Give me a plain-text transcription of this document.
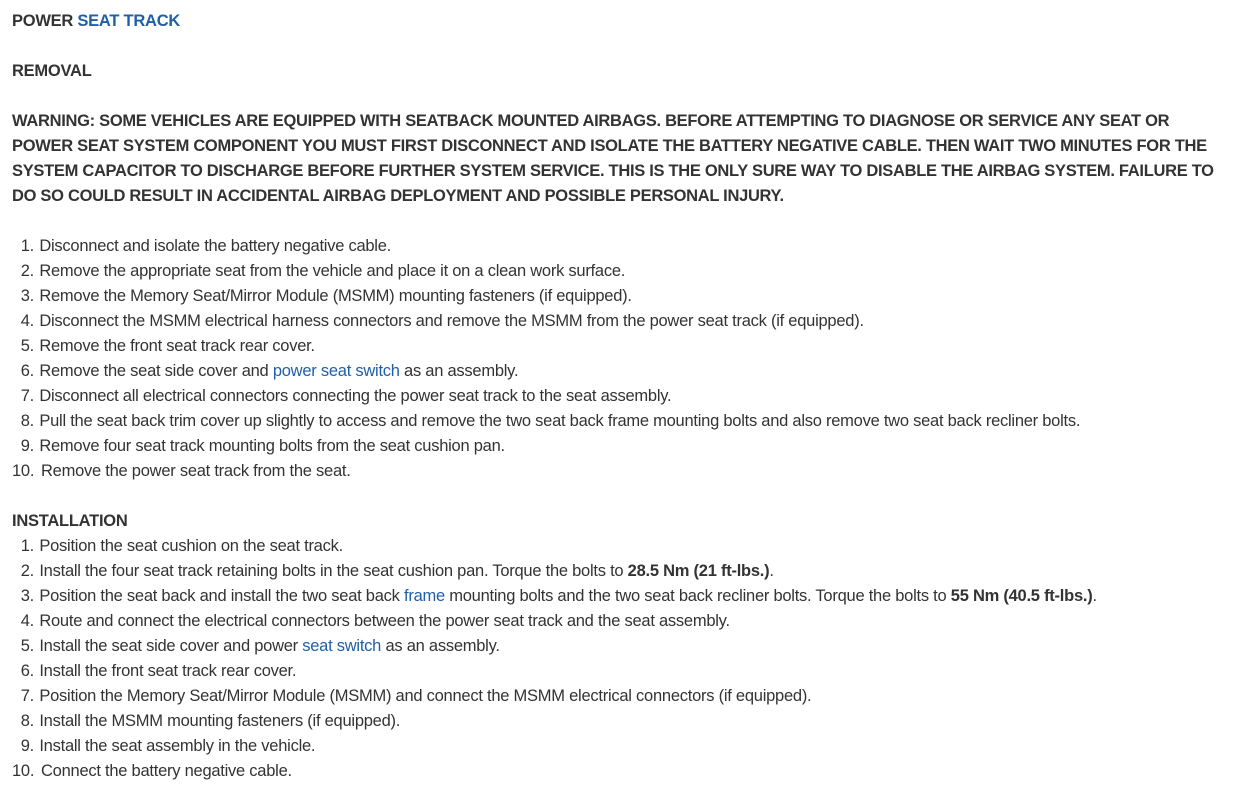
POWER SEAT TRACK
REMOVAL
WARNING: SOME VEHICLES ARE EQUIPPED WITH SEATBACK MOUNTED AIRBAGS. BEFORE ATTEMPTING TO DIAGNOSE OR SERVICE ANY SEAT OR
POWER SEAT SYSTEM COMPONENT YOU MUST FIRST DISCONNECT AND ISOLATE THE BATTERY NEGATIVE CABLE. THEN WAIT TWO MINUTES FOR THE
SYSTEM CAPACITOR TO DISCHARGE BEFORE FURTHER SYSTEM SERVICE. THIS IS THE ONLY SURE WAY TO DISABLE THE AIRBAG SYSTEM. FAILURE TO
DO SO COULD RESULT IN ACCIDENTAL AIRBAG DEPLOYMENT AND POSSIBLE PERSONAL INJURY.
1. Disconnect and isolate the battery negative cable.
2. Remove the appropriate seat from the vehicle and place it on a clean work surface.
3. Remove the Memory Seat/Mirror Module (MSMM) mounting fasteners (if equipped).
4. Disconnect the MSMM electrical harness connectors and remove the MSMM from the power seat track (if equipped).
5. Remove the front seat track rear cover.
6. Remove the seat side cover and power seat switch as an assembly.
7. Disconnect all electrical connectors connecting the power seat track to the seat assembly.
8. Pull the seat back trim cover up slightly to access and remove the two seat back frame mounting bolts and also remove two seat back recliner bolts.
9. Remove four seat track mounting bolts from the seat cushion pan.
10. Remove the power seat track from the seat.
INSTALLATION
1. Position the seat cushion on the seat track.
2. Install the four seat track retaining bolts in the seat cushion pan. Torque the bolts to 28.5 Nm (21 ft-lbs.).
3. Position the seat back and install the two seat back frame mounting bolts and the two seat back recliner bolts. Torque the bolts to 55 Nm (40.5 ft-lbs.).
4. Route and connect the electrical connectors between the power seat track and the seat assembly.
5. Install the seat side cover and power seat switch as an assembly.
6. Install the front seat track rear cover.
7. Position the Memory Seat/Mirror Module (MSMM) and connect the MSMM electrical connectors (if equipped).
8. Install the MSMM mounting fasteners (if equipped).
9. Install the seat assembly in the vehicle.
10. Connect the battery negative cable.
